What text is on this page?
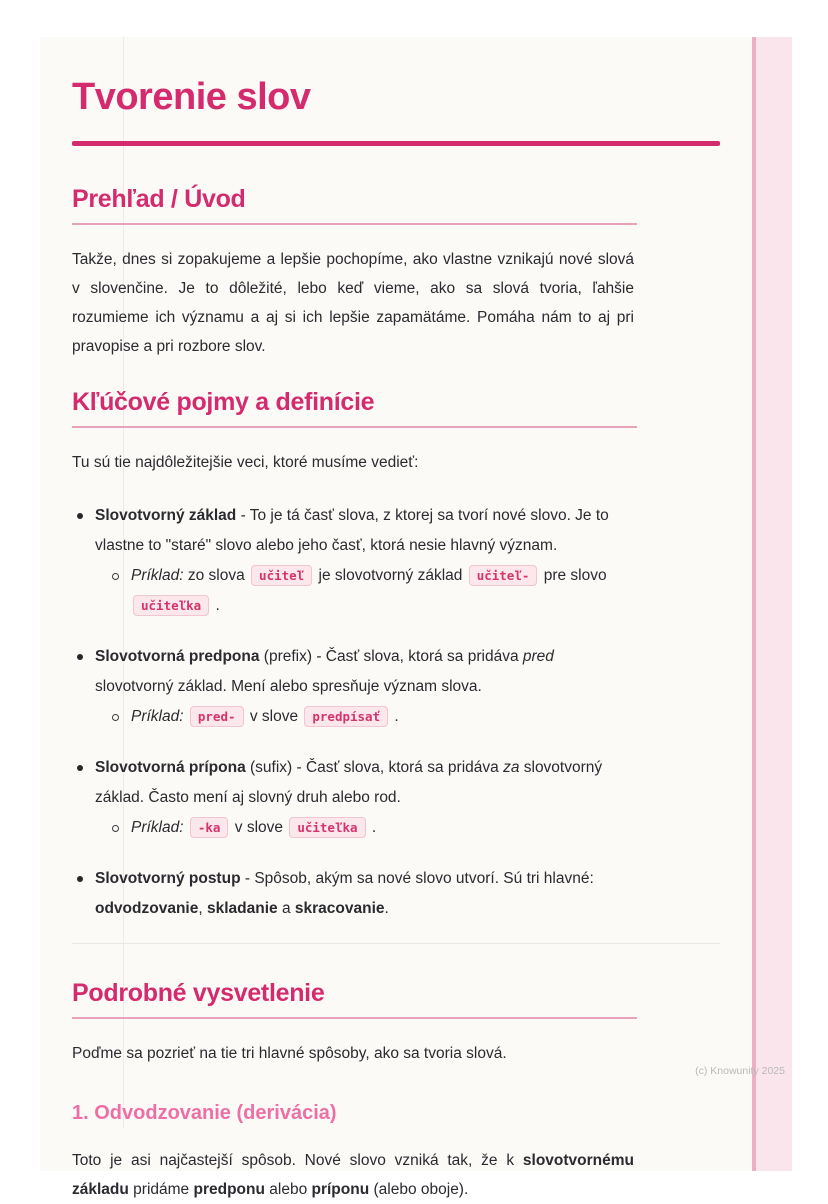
Tvorenie slov
Prehľad / Úvod
Takže, dnes si zopakujeme a lepšie pochopíme, ako vlastne vznikajú nové slová v slovenčine. Je to dôležité, lebo keď vieme, ako sa slová tvoria, ľahšie rozumieme ich významu a aj si ich lepšie zapamätáme. Pomáha nám to aj pri pravopise a pri rozbore slov.
Kľúčové pojmy a definície
Tu sú tie najdôležitejšie veci, ktoré musíme vedieť:
Slovotvorný základ - To je tá časť slova, z ktorej sa tvorí nové slovo. Je to vlastne to "staré" slovo alebo jeho časť, ktorá nesie hlavný význam.
Príklad: zo slova učiteľ je slovotvorný základ učiteľ- pre slovo učiteľka .
Slovotvorná predpona (prefix) - Časť slova, ktorá sa pridáva pred slovotvorný základ. Mení alebo spresňuje význam slova.
Príklad: pred- v slove predpísať .
Slovotvorná prípona (sufix) - Časť slova, ktorá sa pridáva za slovotvorný základ. Často mení aj slovný druh alebo rod.
Príklad: -ka v slove učiteľka .
Slovotvorný postup - Spôsob, akým sa nové slovo utvorí. Sú tri hlavné: odvodzovanie, skladanie a skracovanie.
Podrobné vysvetlenie
Poďme sa pozrieť na tie tri hlavné spôsoby, ako sa tvoria slová.
1. Odvodzovanie (derivácia)
Toto je asi najčastejší spôsob. Nové slovo vzniká tak, že k slovotvornému základu pridáme predponu alebo príponu (alebo oboje).
(c) Knowunity 2025
